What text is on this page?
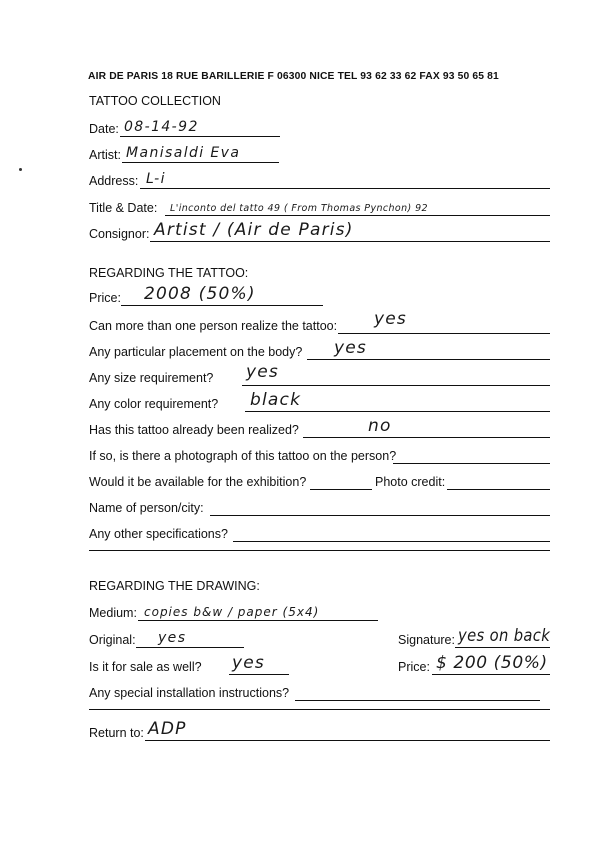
AIR DE PARIS 18 RUE BARILLERIE F 06300 NICE TEL 93 62 33 62 FAX 93 50 65 81
TATTOO COLLECTION
Date: 08-14-92
Artist: Manisaldi Eva
Address: L-i
Title & Date: L'inconto del tatto 49 ( From Thomas Pynchon) 92
Consignor: Artist / (Air de Paris)
REGARDING THE TATTOO:
Price: 2008 (50%)
Can more than one person realize the tattoo: yes
Any particular placement on the body? yes
Any size requirement? yes
Any color requirement? black
Has this tattoo already been realized?	no
If so, is there a photograph of this tattoo on the person?
Would it be available for the exhibition?	Photo credit:
Name of person/city:
Any other specifications?
REGARDING THE DRAWING:
Medium: copies b&w / paper (5x4)
Original: yes	Signature: yes on back
Is it for sale as well? yes	Price: $ 200 (50%)
Any special installation instructions?
Return to: ADP
